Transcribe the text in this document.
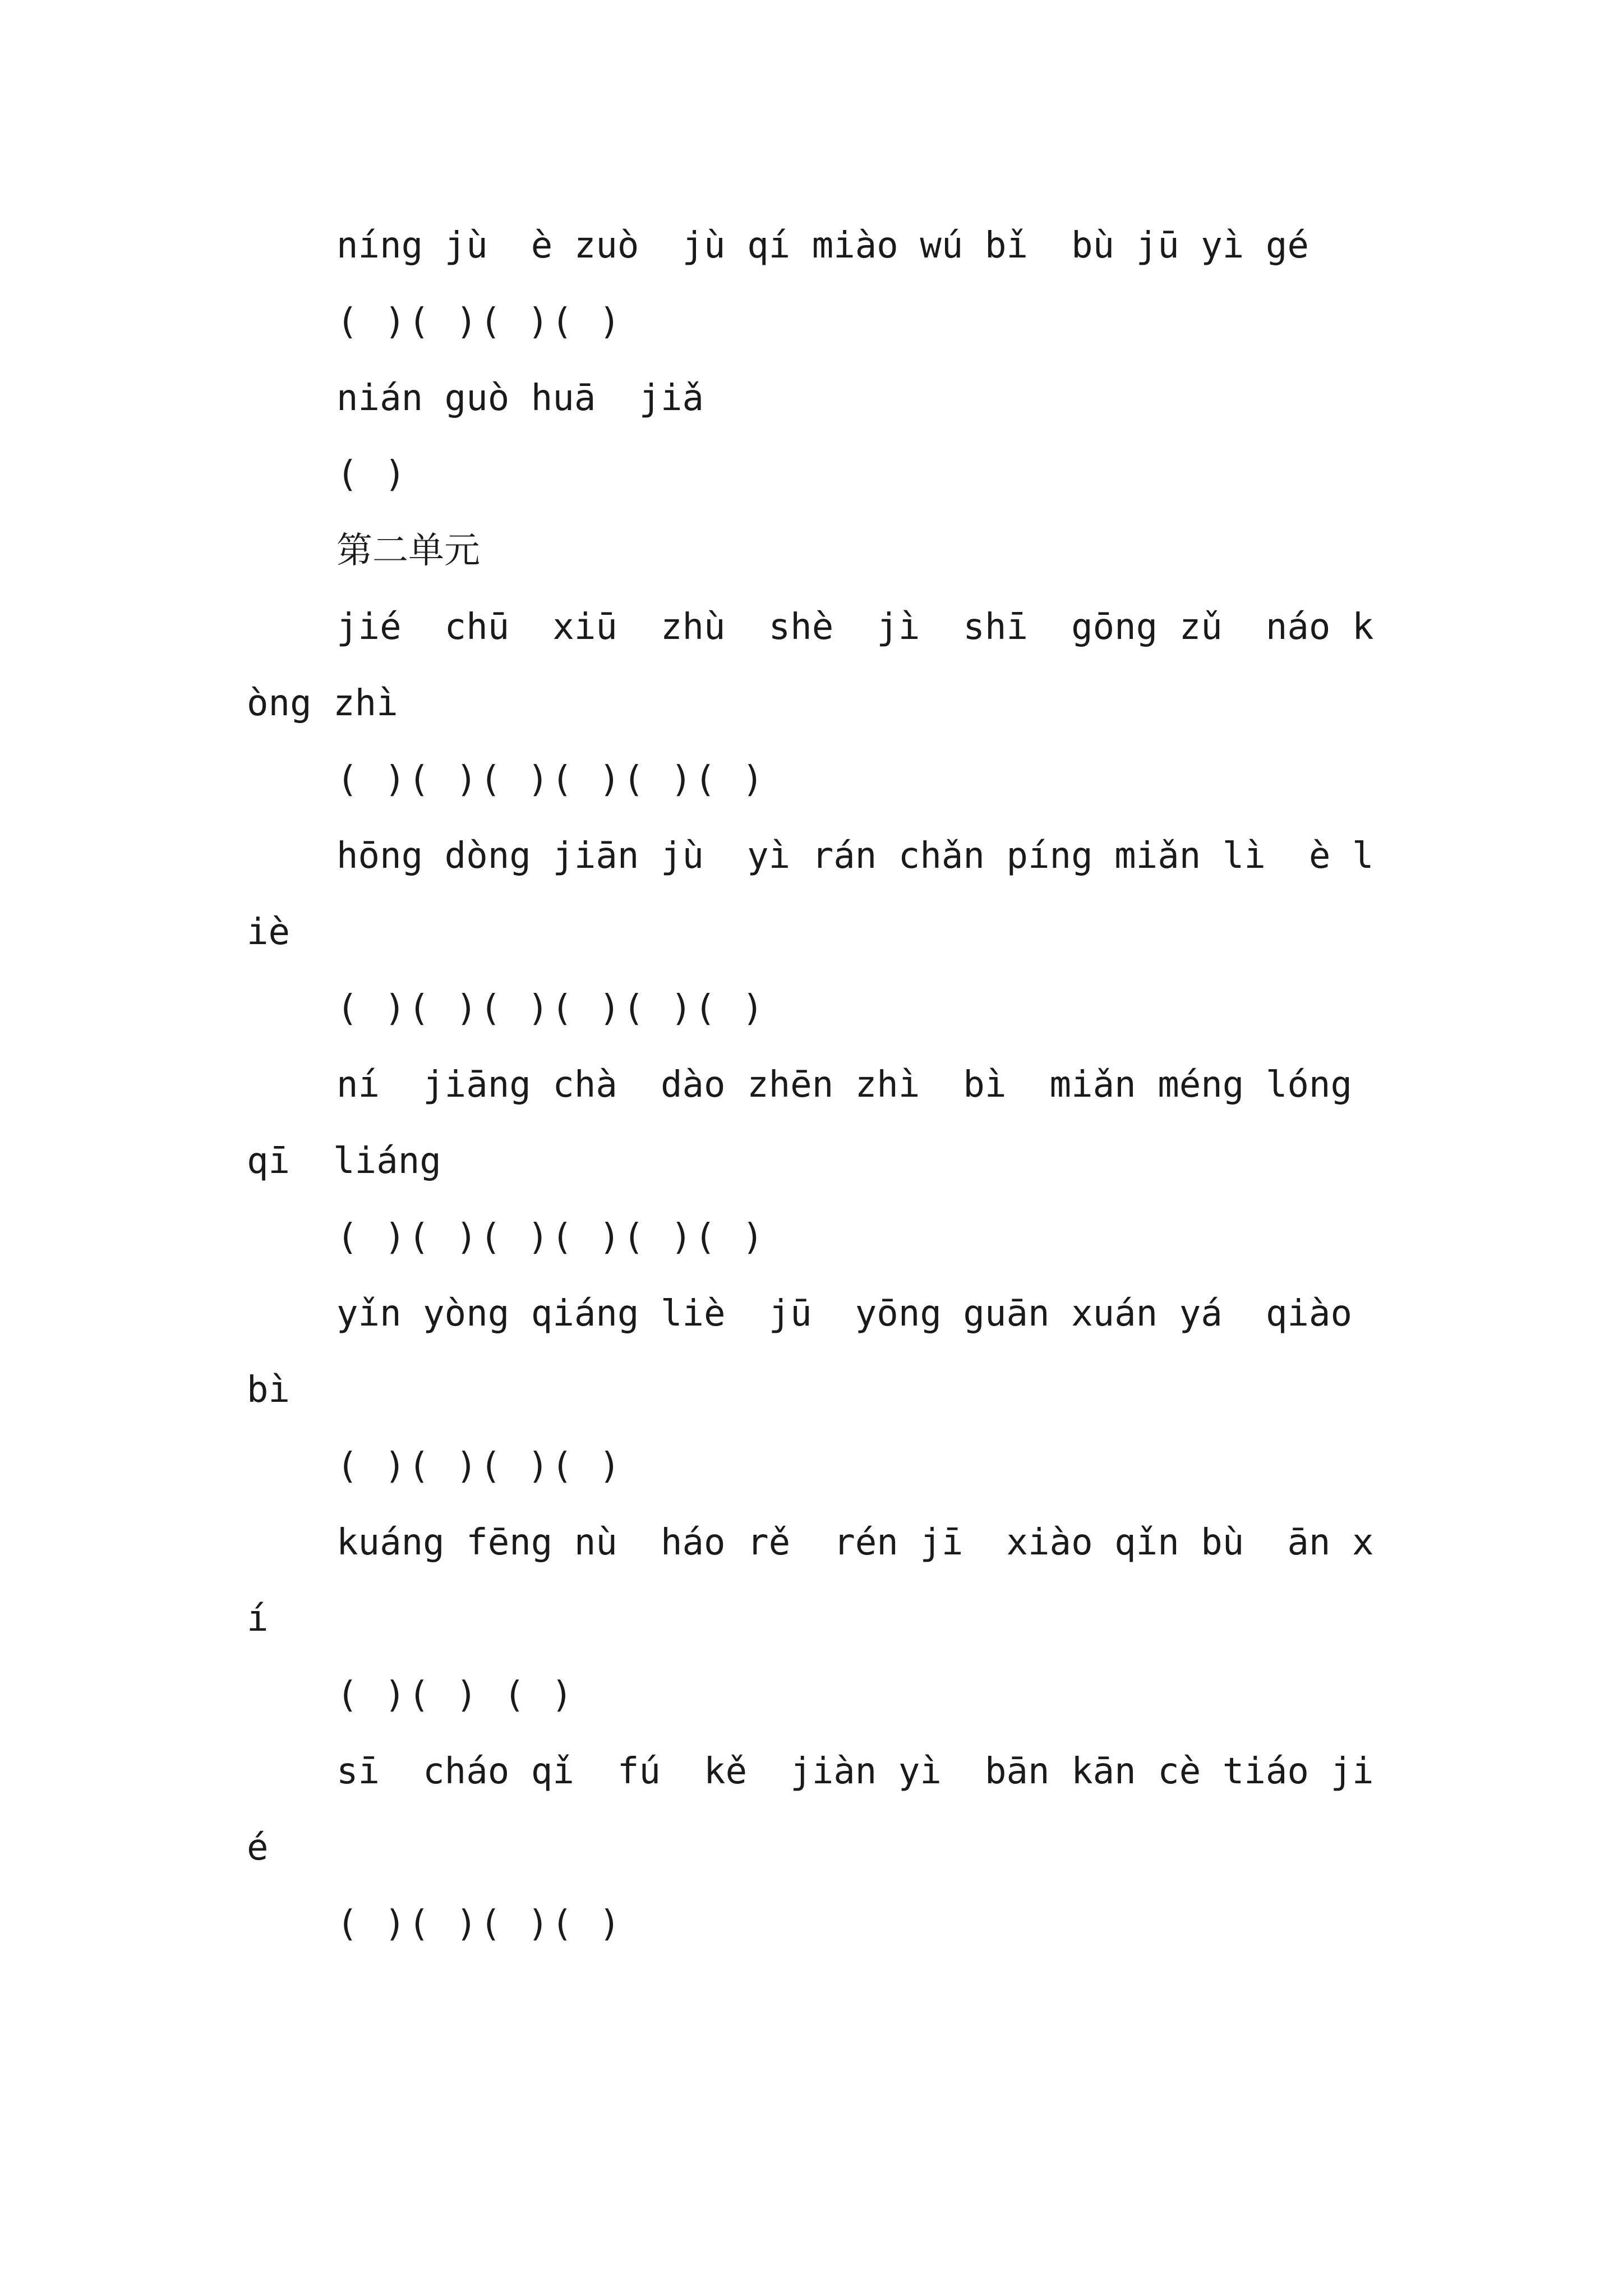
níng jù  è zuò  jù qí miào wú bǐ  bù jū yì gé

( )( )( )( )

nián guò huā  jiǎ

( )

第二单元

jié  chū  xiū  zhù  shè  jì  shī  gōng zǔ  náo kòng zhì

( )( )( )( )( )( )

hōng dòng jiān jù  yì rán chǎn píng miǎn lì  è liè

( )( )( )( )( )( )

ní  jiāng chà  dào zhēn zhì  bì  miǎn méng lóng qī  liáng

( )( )( )( )( )( )

yǐn yòng qiáng liè  jū  yōng guān xuán yá  qiào bì

( )( )( )( )

kuáng fēng nù  háo rě  rén jī  xiào qǐn bù  ān xí

( )( ) ( )

sī  cháo qǐ  fú  kě  jiàn yì  bān kān cè tiáo jié

( )( )( )( )
